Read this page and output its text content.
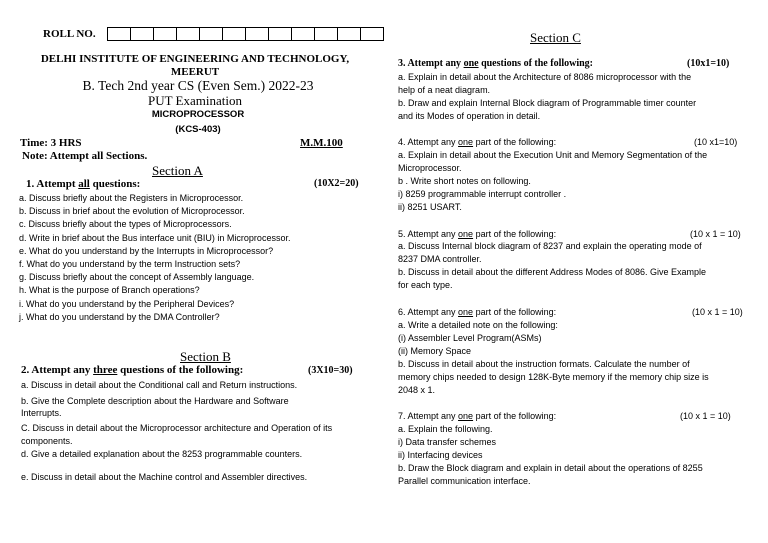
ROLL NO.
DELHI INSTITUTE OF ENGINEERING AND TECHNOLOGY,
MEERUT
B. Tech 2nd year CS (Even Sem.) 2022-23
PUT Examination
MICROPROCESSOR
(KCS-403)
Time: 3 HRS	M.M.100
Note: Attempt all Sections.
Section A
1. Attempt all questions:	(10X2=20)
a. Discuss briefly about the Registers in Microprocessor.
b. Discuss in brief about the evolution of Microprocessor.
c. Discuss briefly about the types of Microprocessors.
d. Write in brief about the Bus interface unit (BIU) in Microprocessor.
e. What do you understand by the Interrupts in Microprocessor?
f. What do you understand by the term Instruction sets?
g. Discuss briefly about the concept of Assembly language.
h. What is the purpose of Branch operations?
i. What do you understand by the Peripheral Devices?
j. What do you understand by the DMA Controller?
Section B
2. Attempt any three questions of the following:	(3X10=30)
a. Discuss in detail about the Conditional call and Return instructions.
b. Give the Complete description about the Hardware and Software
Interrupts.
C. Discuss in detail about the Microprocessor architecture and Operation of its
components.
d. Give a detailed explanation about the 8253 programmable counters.
e. Discuss in detail about the Machine control and Assembler directives.
Section C
3. Attempt any one questions of the following:	(10x1=10)
a. Explain in detail about the Architecture of 8086 microprocessor with the
help of a neat diagram.
b. Draw and explain Internal Block diagram of Programmable timer counter
and its Modes of operation in detail.
4. Attempt any one part of the following:	(10 x1=10)
a. Explain in detail about the Execution Unit and Memory Segmentation of the
Microprocessor.
b . Write short notes on following.
i) 8259 programmable interrupt controller .
ii) 8251 USART.
5. Attempt any one part of the following:	(10 x 1 = 10)
a. Discuss Internal block diagram of 8237 and explain the operating mode of
8237 DMA controller.
b. Discuss in detail about the different Address Modes of 8086. Give Example
for each type.
6. Attempt any one part of the following:	(10 x 1 = 10)
a. Write a detailed note on the following:
(i) Assembler Level Program(ASMs)
(ii) Memory Space
b. Discuss in detail about the instruction formats. Calculate the number of
memory chips needed to design 128K-Byte memory if the memory chip size is
2048 x 1.
7. Attempt any one part of the following:	(10 x 1 = 10)
a. Explain the following.
i) Data transfer schemes
ii) Interfacing devices
b. Draw the Block diagram and explain in detail about the operations of 8255
Parallel communication interface.
